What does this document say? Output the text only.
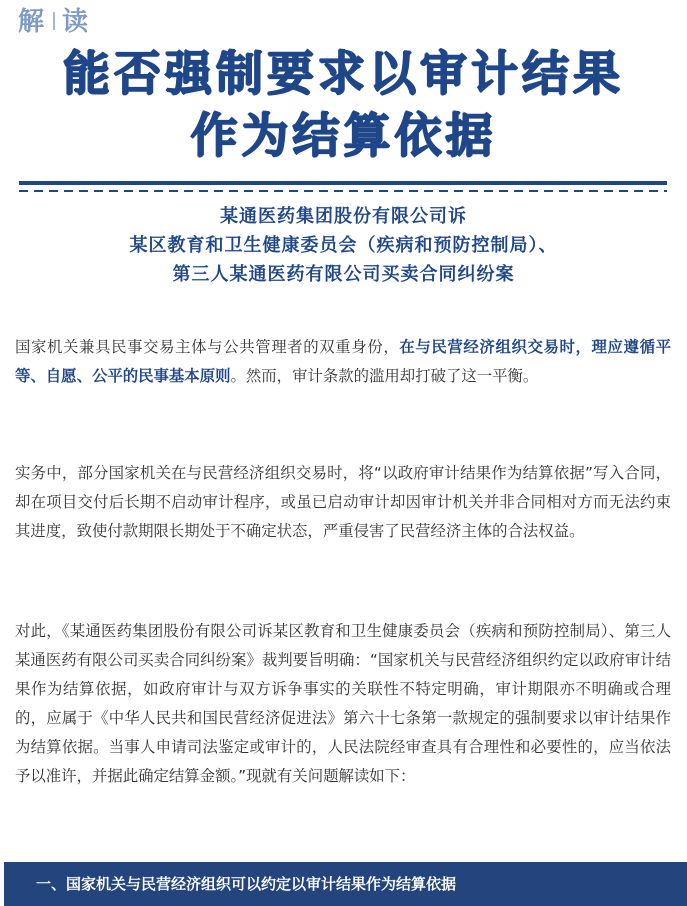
解 读
能否强制要求以审计结果
作为结算依据
某通医药集团股份有限公司诉
某区教育和卫生健康委员会（疾病和预防控制局）、
第三人某通医药有限公司买卖合同纠纷案

国家机关兼具民事交易主体与公共管理者的双重身份，在与民营经济组织交易时，理应遵循平等、自愿、公平的民事基本原则。然而，审计条款的滥用却打破了这一平衡。

实务中，部分国家机关在与民营经济组织交易时，将“以政府审计结果作为结算依据”写入合同，却在项目交付后长期不启动审计程序，或虽已启动审计却因审计机关并非合同相对方而无法约束其进度，致使付款期限长期处于不确定状态，严重侵害了民营经济主体的合法权益。

对此，《某通医药集团股份有限公司诉某区教育和卫生健康委员会（疾病和预防控制局）、第三人某通医药有限公司买卖合同纠纷案》裁判要旨明确：“国家机关与民营经济组织约定以政府审计结果作为结算依据，如政府审计与双方诉争事实的关联性不特定明确，审计期限亦不明确或合理的，应属于《中华人民共和国民营经济促进法》第六十七条第一款规定的强制要求以审计结果作为结算依据。当事人申请司法鉴定或审计的，人民法院经审查具有合理性和必要性的，应当依法予以准许，并据此确定结算金额。”现就有关问题解读如下：

一、国家机关与民营经济组织可以约定以审计结果作为结算依据
